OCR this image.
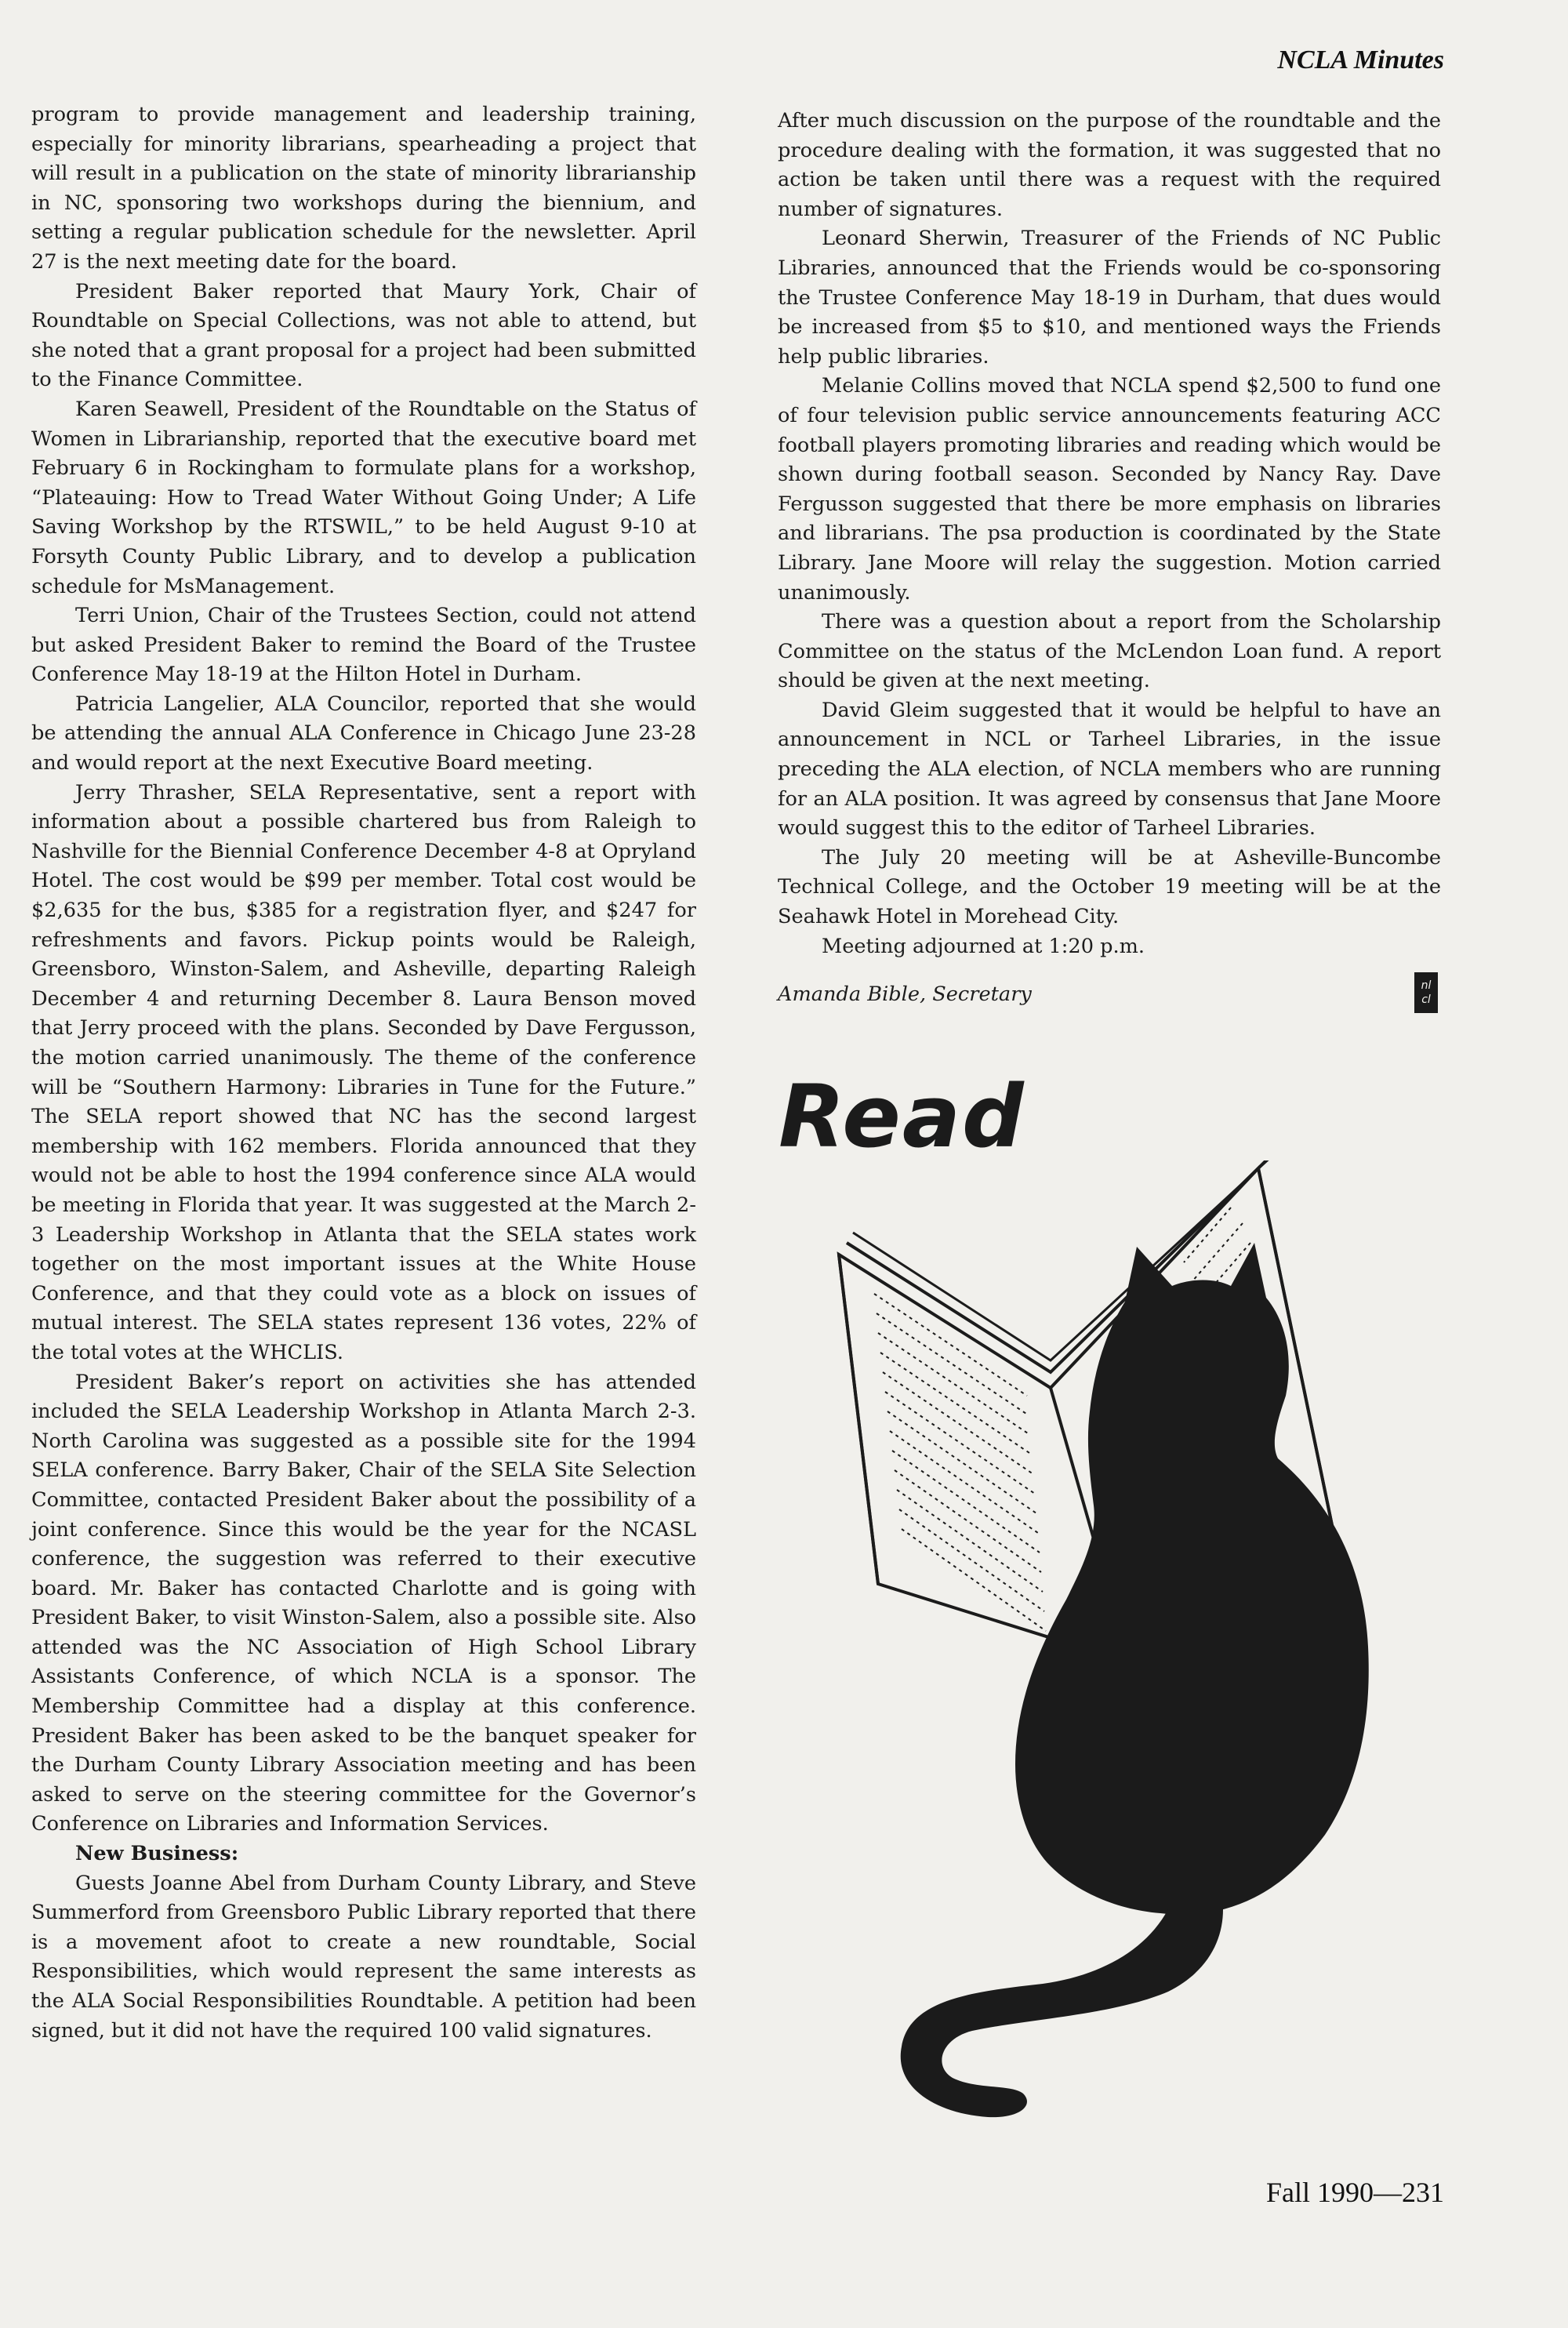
NCLA Minutes

program to provide management and leadership training, especially for minority librarians, spearheading a project that will result in a publication on the state of minority librarianship in NC, sponsoring two workshops during the biennium, and setting a regular publication schedule for the newsletter. April 27 is the next meeting date for the board.

President Baker reported that Maury York, Chair of Roundtable on Special Collections, was not able to attend, but she noted that a grant proposal for a project had been submitted to the Finance Committee.

Karen Seawell, President of the Roundtable on the Status of Women in Librarianship, reported that the executive board met February 6 in Rockingham to formulate plans for a workshop, “Plateauing: How to Tread Water Without Going Under; A Life Saving Workshop by the RTSWIL,” to be held August 9-10 at Forsyth County Public Library, and to develop a publication schedule for MsManagement.

Terri Union, Chair of the Trustees Section, could not attend but asked President Baker to remind the Board of the Trustee Conference May 18-19 at the Hilton Hotel in Durham.

Patricia Langelier, ALA Councilor, reported that she would be attending the annual ALA Conference in Chicago June 23-28 and would report at the next Executive Board meeting.

Jerry Thrasher, SELA Representative, sent a report with information about a possible chartered bus from Raleigh to Nashville for the Biennial Conference December 4-8 at Opryland Hotel. The cost would be $99 per member. Total cost would be $2,635 for the bus, $385 for a registration flyer, and $247 for refreshments and favors. Pickup points would be Raleigh, Greensboro, Winston-Salem, and Asheville, departing Raleigh December 4 and returning December 8. Laura Benson moved that Jerry proceed with the plans. Seconded by Dave Fergusson, the motion carried unanimously. The theme of the conference will be “Southern Harmony: Libraries in Tune for the Future.” The SELA report showed that NC has the second largest membership with 162 members. Florida announced that they would not be able to host the 1994 conference since ALA would be meeting in Florida that year. It was suggested at the March 2-3 Leadership Workshop in Atlanta that the SELA states work together on the most important issues at the White House Conference, and that they could vote as a block on issues of mutual interest. The SELA states represent 136 votes, 22% of the total votes at the WHCLIS.

President Baker’s report on activities she has attended included the SELA Leadership Workshop in Atlanta March 2-3. North Carolina was suggested as a possible site for the 1994 SELA conference. Barry Baker, Chair of the SELA Site Selection Committee, contacted President Baker about the possibility of a joint conference. Since this would be the year for the NCASL conference, the suggestion was referred to their executive board. Mr. Baker has contacted Charlotte and is going with President Baker, to visit Winston-Salem, also a possible site. Also attended was the NC Association of High School Library Assistants Conference, of which NCLA is a sponsor. The Membership Committee had a display at this conference. President Baker has been asked to be the banquet speaker for the Durham County Library Association meeting and has been asked to serve on the steering committee for the Governor’s Conference on Libraries and Information Services.

New Business:

Guests Joanne Abel from Durham County Library, and Steve Summerford from Greensboro Public Library reported that there is a movement afoot to create a new roundtable, Social Responsibilities, which would represent the same interests as the ALA Social Responsibilities Roundtable. A petition had been signed, but it did not have the required 100 valid signatures.

After much discussion on the purpose of the roundtable and the procedure dealing with the formation, it was suggested that no action be taken until there was a request with the required number of signatures.

Leonard Sherwin, Treasurer of the Friends of NC Public Libraries, announced that the Friends would be co-sponsoring the Trustee Conference May 18-19 in Durham, that dues would be increased from $5 to $10, and mentioned ways the Friends help public libraries.

Melanie Collins moved that NCLA spend $2,500 to fund one of four television public service announcements featuring ACC football players promoting libraries and reading which would be shown during football season. Seconded by Nancy Ray. Dave Fergusson suggested that there be more emphasis on libraries and librarians. The psa production is coordinated by the State Library. Jane Moore will relay the suggestion. Motion carried unanimously.

There was a question about a report from the Scholarship Committee on the status of the McLendon Loan fund. A report should be given at the next meeting.

David Gleim suggested that it would be helpful to have an announcement in NCL or Tarheel Libraries, in the issue preceding the ALA election, of NCLA members who are running for an ALA position. It was agreed by consensus that Jane Moore would suggest this to the editor of Tarheel Libraries.

The July 20 meeting will be at Asheville-Buncombe Technical College, and the October 19 meeting will be at the Seahawk Hotel in Morehead City.

Meeting adjourned at 1:20 p.m.

Amanda Bible, Secretary	nl cl
Read
Fall 1990—231
